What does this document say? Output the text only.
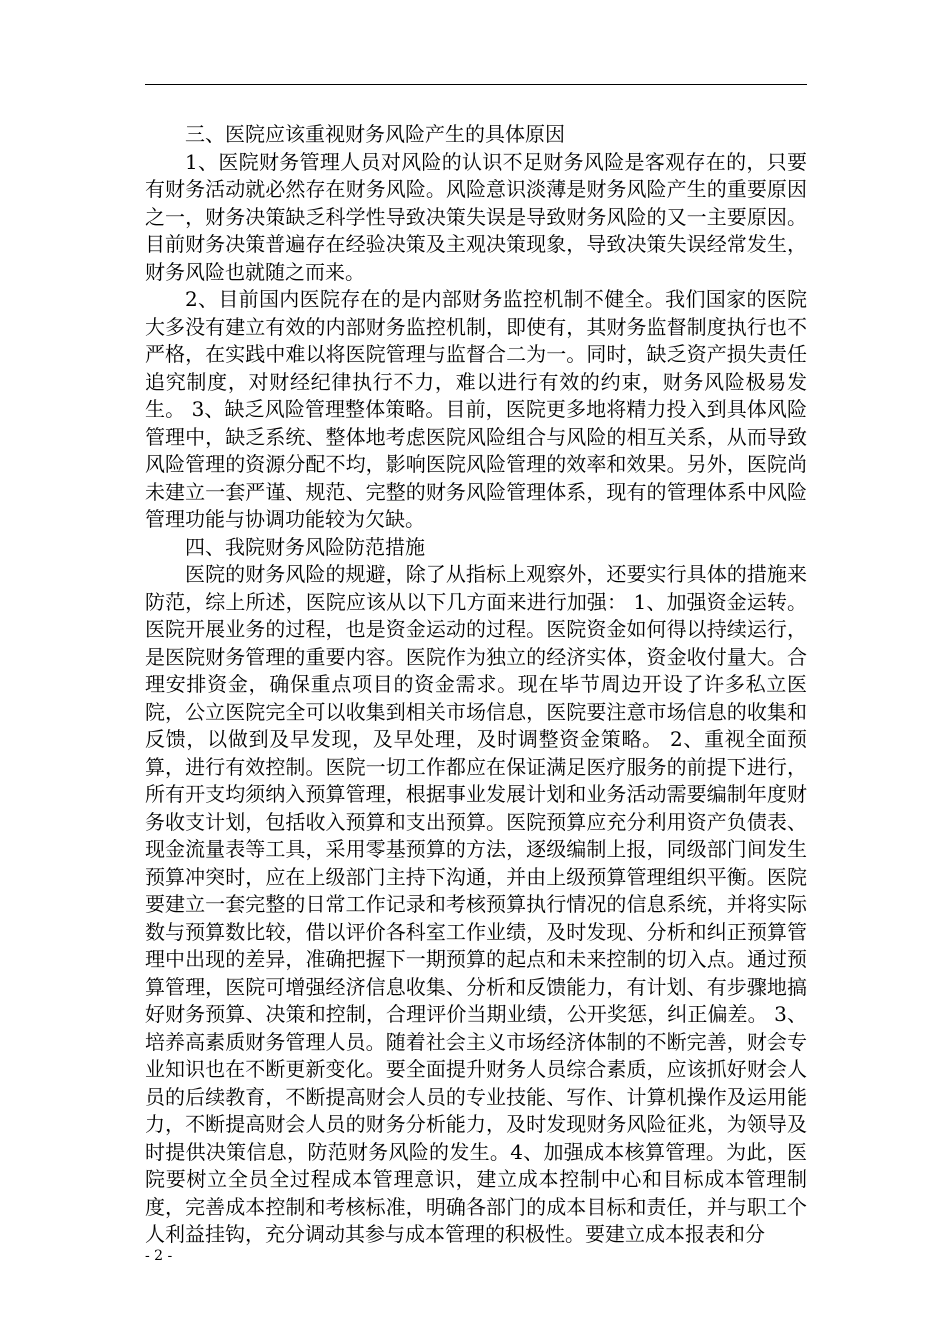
三、医院应该重视财务风险产生的具体原因

1、医院财务管理人员对风险的认识不足财务风险是客观存在的，只要有财务活动就必然存在财务风险。风险意识淡薄是财务风险产生的重要原因之一，财务决策缺乏科学性导致决策失误是导致财务风险的又一主要原因。目前财务决策普遍存在经验决策及主观决策现象，导致决策失误经常发生，财务风险也就随之而来。

2、目前国内医院存在的是内部财务监控机制不健全。我们国家的医院大多没有建立有效的内部财务监控机制，即使有，其财务监督制度执行也不严格，在实践中难以将医院管理与监督合二为一。同时，缺乏资产损失责任追究制度，对财经纪律执行不力，难以进行有效的约束，财务风险极易发生。 3、缺乏风险管理整体策略。目前，医院更多地将精力投入到具体风险管理中，缺乏系统、整体地考虑医院风险组合与风险的相互关系，从而导致风险管理的资源分配不均，影响医院风险管理的效率和效果。另外，医院尚未建立一套严谨、规范、完整的财务风险管理体系，现有的管理体系中风险管理功能与协调功能较为欠缺。

四、我院财务风险防范措施

医院的财务风险的规避，除了从指标上观察外，还要实行具体的措施来防范，综上所述，医院应该从以下几方面来进行加强： 1、加强资金运转。医院开展业务的过程，也是资金运动的过程。医院资金如何得以持续运行，是医院财务管理的重要内容。医院作为独立的经济实体，资金收付量大。合理安排资金，确保重点项目的资金需求。现在毕节周边开设了许多私立医院，公立医院完全可以收集到相关市场信息，医院要注意市场信息的收集和反馈，以做到及早发现，及早处理，及时调整资金策略。 2、重视全面预算，进行有效控制。医院一切工作都应在保证满足医疗服务的前提下进行，所有开支均须纳入预算管理，根据事业发展计划和业务活动需要编制年度财务收支计划，包括收入预算和支出预算。医院预算应充分利用资产负债表、现金流量表等工具，采用零基预算的方法，逐级编制上报，同级部门间发生预算冲突时，应在上级部门主持下沟通，并由上级预算管理组织平衡。医院要建立一套完整的日常工作记录和考核预算执行情况的信息系统，并将实际数与预算数比较，借以评价各科室工作业绩，及时发现、分析和纠正预算管理中出现的差异，准确把握下一期预算的起点和未来控制的切入点。通过预算管理，医院可增强经济信息收集、分析和反馈能力，有计划、有步骤地搞好财务预算、决策和控制，合理评价当期业绩，公开奖惩，纠正偏差。 3、培养高素质财务管理人员。随着社会主义市场经济体制的不断完善，财会专业知识也在不断更新变化。要全面提升财务人员综合素质，应该抓好财会人员的后续教育，不断提高财会人员的专业技能、写作、计算机操作及运用能力，不断提高财会人员的财务分析能力，及时发现财务风险征兆，为领导及时提供决策信息，防范财务风险的发生。4、加强成本核算管理。为此，医院要树立全员全过程成本管理意识，建立成本控制中心和目标成本管理制度，完善成本控制和考核标准，明确各部门的成本目标和责任，并与职工个人利益挂钩，充分调动其参与成本管理的积极性。要建立成本报表和分

- 2 -
